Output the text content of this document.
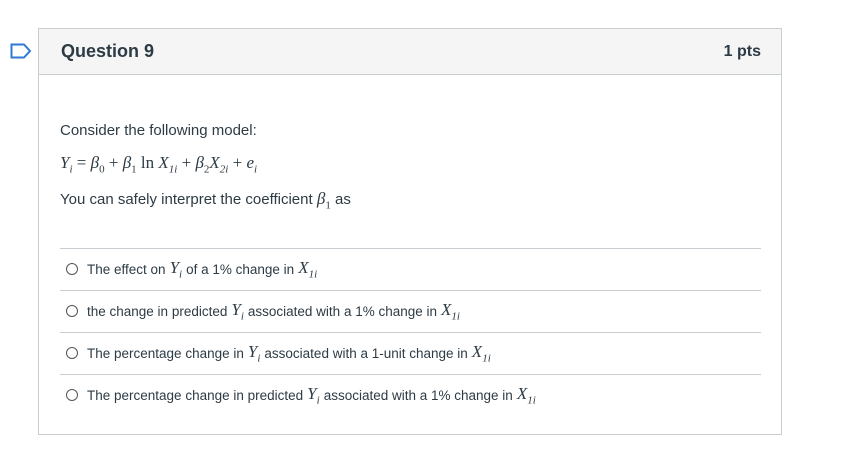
Question 9	1 pts
Consider the following model:
$Y_i = \beta_0 + \beta_1$ $\ln X_{1i} + \beta_2X_{2i} + e_i$
You can safely interpret the coefficient $\beta_1$ as
The effect on $Y_i$ of a 1% change in $X_{1i}$
the change in predicted $Y_i$ associated with a 1% change in $X_{1i}$
The percentage change in $Y_i$ associated with a 1-unit change in $X_{1i}$
The percentage change in predicted $Y_i$ associated with a 1% change in $X_{1i}$
